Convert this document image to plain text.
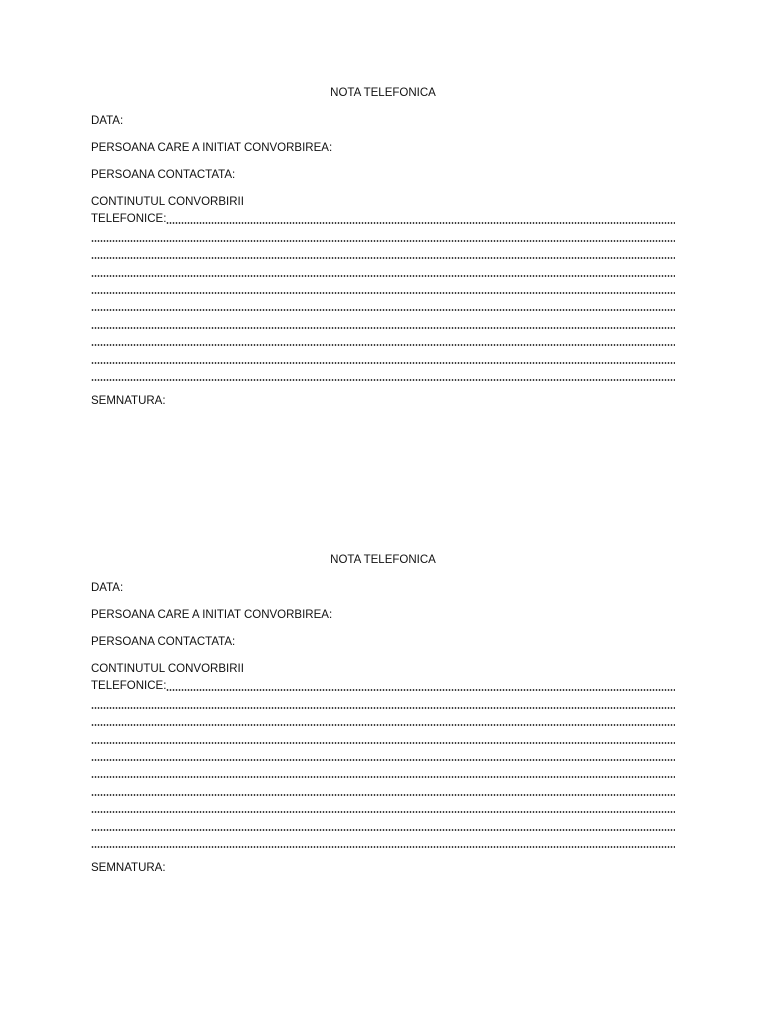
NOTA TELEFONICA
DATA:
PERSOANA CARE A INITIAT CONVORBIREA:
PERSOANA CONTACTATA:
CONTINUTUL CONVORBIRII
TELEFONICE:
SEMNATURA:
NOTA TELEFONICA
DATA:
PERSOANA CARE A INITIAT CONVORBIREA:
PERSOANA CONTACTATA:
CONTINUTUL CONVORBIRII
TELEFONICE:
SEMNATURA:
